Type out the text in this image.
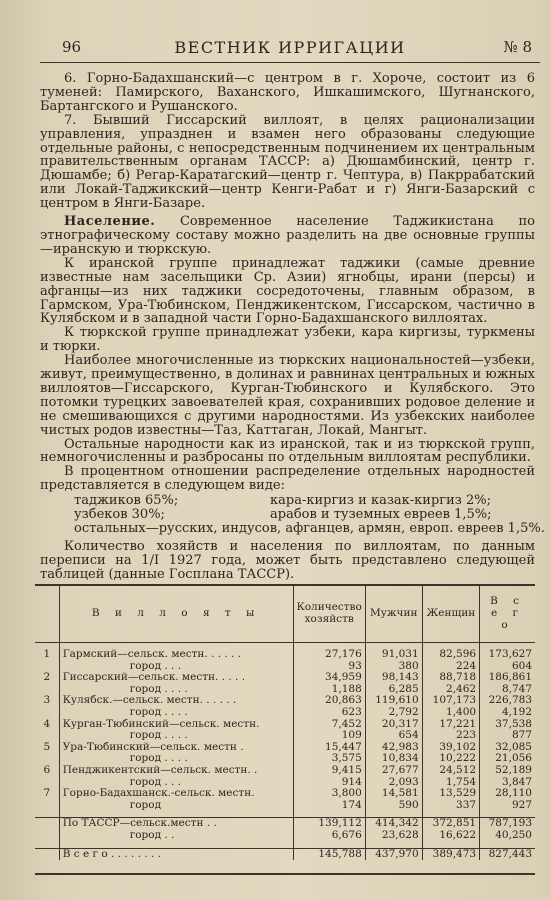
96	ВЕСТНИК ИРРИГАЦИИ	№ 8

6. Горно-Бадахшанский—с центром в г. Хороче, состоит из 6 туменей: Памирского, Ваханского, Ишкашимского, Шугнанского, Бартангского и Рушанского.

7. Бывший Гиссарский виллоят, в целях рационализации управления, упразднен и взамен него образованы следующие отдельные районы, с непосредственным подчинением их центральным правительственным органам ТАССР: а) Дюшамбинский, центр г. Дюшамбе; б) Регар-Каратагский—центр г. Чептура, в) Пакррабатский или Локай-Таджикский—центр Кенги-Рабат и г) Янги-Базарский с центром в Янги-Базаре.

Население. Современное население Таджикистана по этнографическому составу можно разделить на две основные группы—иранскую и тюркскую.

К иранской группе принадлежат таджики (самые древние известные нам засельщики Ср. Азии) ягнобцы, ирани (персы) и афганцы—из них таджики сосредоточены, главным образом, в Гармском, Ура-Тюбинском, Пенджикентском, Гиссарском, частично в Кулябском и в западной части Горно-Бадахшанского виллоятах.

К тюркской группе принадлежат узбеки, кара киргизы, туркмены и тюрки.

Наиболее многочисленные из тюркских национальностей—узбеки, живут, преимущественно, в долинах и равнинах центральных и южных виллоятов—Гиссарского, Курган-Тюбинского и Кулябского. Это потомки турецких завоевателей края, сохранивших родовое деление и не смешивающихся с другими народностями. Из узбекских наиболее чистых родов известны—Таз, Каттаган, Локай, Мангыт.

Остальные народности как из иранской, так и из тюркской групп, немногочисленны и разбросаны по отдельным виллоятам республики.

В процентном отношении распределение отдельных народностей представляется в следующем виде:

таджиков 65%;	кара-киргиз и казак-киргиз 2%;
узбеков 30%;	арабов и туземных евреев 1,5%;
остальных—русских, индусов, афганцев, армян, европ. евреев 1,5%.

Количество хозяйств и населения по виллоятам, по данным переписи на 1/I 1927 года, может быть представлено следующей таблицей (данные Госплана ТАССР).

	В и л л о я т ы	Количество хозяйств	Мужчин	Женщин	В с е г о

1	Гармский—сельск. местн. . . . . .	27,176	91,031	82,596	173,627
	город . . .	93	380	224	604
2	Гиссарский—сельск. местн. . . . .	34,959	98,143	88,718	186,861
	город . . . .	1,188	6,285	2,462	8,747
3	Кулябск.—сельск. местн. . . . . .	20,863	119,610	107,173	226,783
	город . . . .	623	2,792	1,400	4,192
4	Курган-Тюбинский—сельск. местн.	7,452	20,317	17,221	37,538
	город . . . .	109	654	223	877
5	Ура-Тюбинский—сельск. местн .	15,447	42,983	39,102	32,085
	город . . . .	3,575	10,834	10,222	21,056
6	Пенджикентский—сельск. местн. .	9,415	27,677	24,512	52,189
	город . . .	914	2,093	1,754	3,847
7	Горно-Бадахшанск.-сельск. местн.	3,800	14,581	13,529	28,110
	город	174	590	337	927

	По ТАССР—сельск.местн . .	139,112	414,342	372,851	787,193
	город . .	6,676	23,628	16,622	40,250

	В с е г о . . . . . . . .	145,788	437,970	389,473	827,443
